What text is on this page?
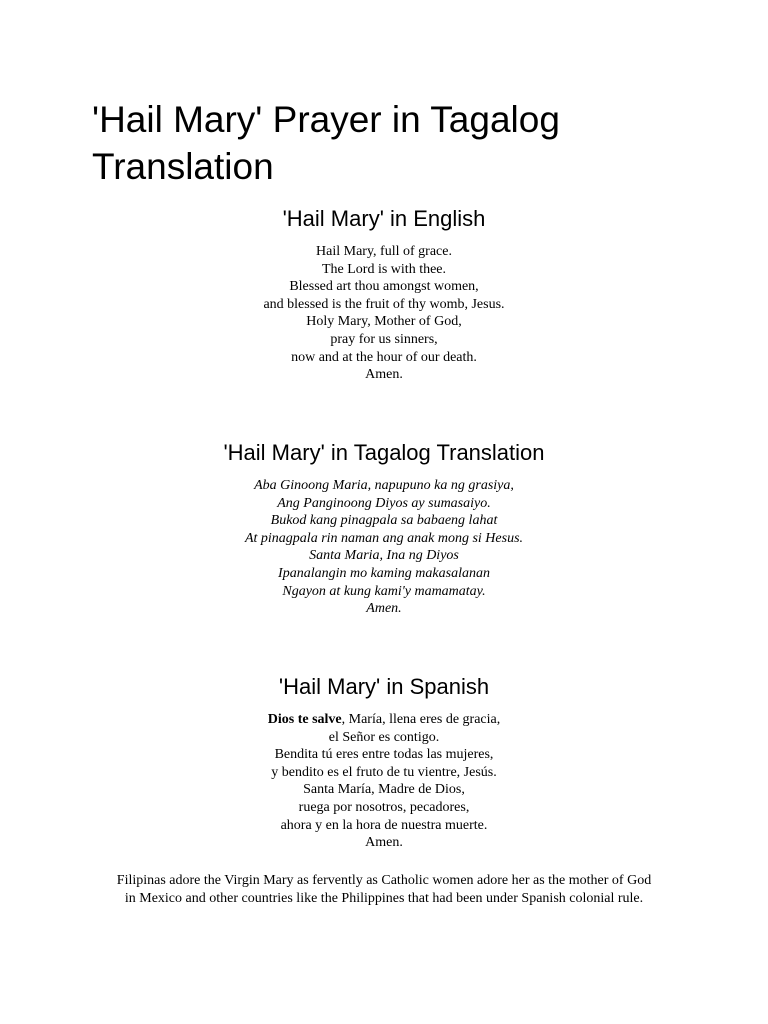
'Hail Mary' Prayer in Tagalog Translation
'Hail Mary' in English
Hail Mary, full of grace.
The Lord is with thee.
Blessed art thou amongst women,
and blessed is the fruit of thy womb, Jesus.
Holy Mary, Mother of God,
pray for us sinners,
now and at the hour of our death.
Amen.
'Hail Mary' in Tagalog Translation
Aba Ginoong Maria, napupuno ka ng grasiya,
Ang Panginoong Diyos ay sumasaiyo.
Bukod kang pinagpala sa babaeng lahat
At pinagpala rin naman ang anak mong si Hesus.
Santa Maria, Ina ng Diyos
Ipanalangin mo kaming makasalanan
Ngayon at kung kami'y mamamatay.
Amen.
'Hail Mary' in Spanish
Dios te salve, María, llena eres de gracia,
el Señor es contigo.
Bendita tú eres entre todas las mujeres,
y bendito es el fruto de tu vientre, Jesús.
Santa María, Madre de Dios,
ruega por nosotros, pecadores,
ahora y en la hora de nuestra muerte.
Amen.

Filipinas adore the Virgin Mary as fervently as Catholic women adore her as the mother of God
in Mexico and other countries like the Philippines that had been under Spanish colonial rule.
